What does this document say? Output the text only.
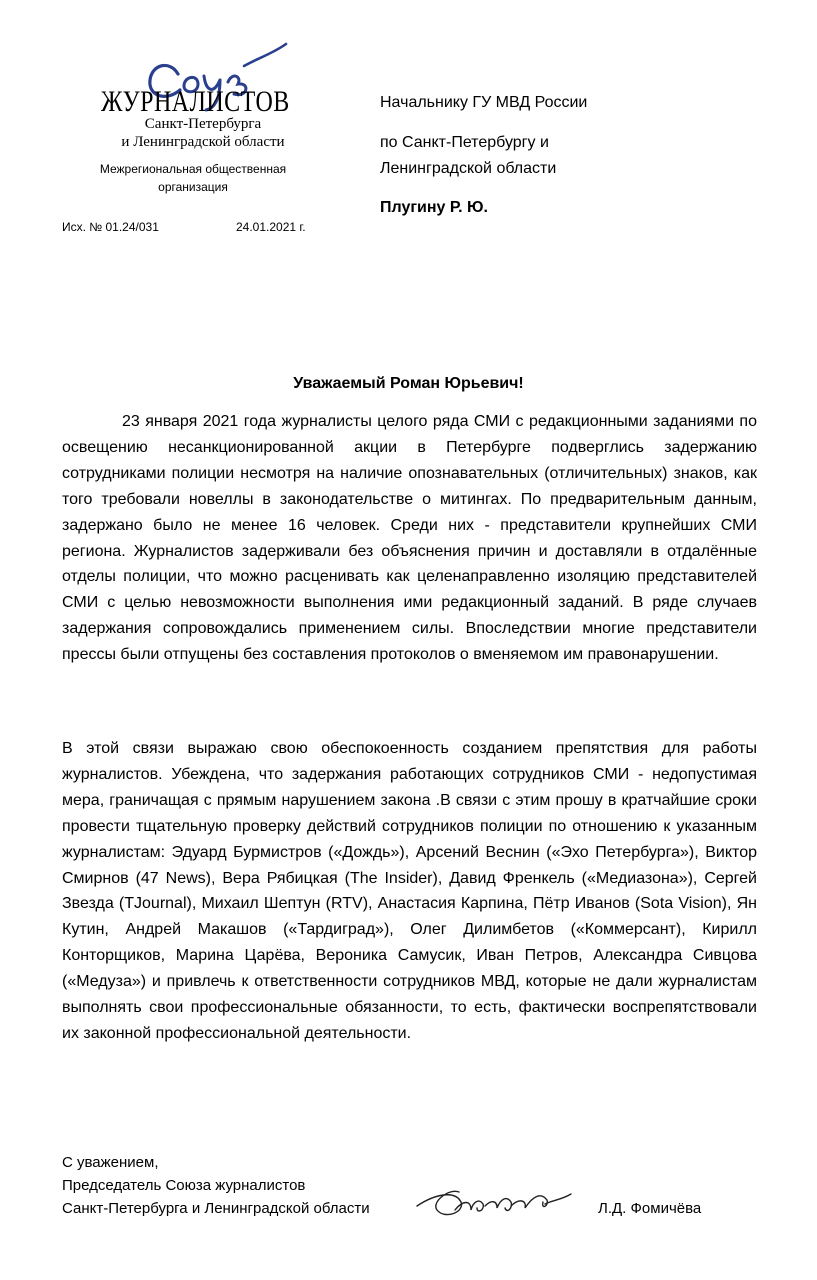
ЖУРНАЛИСТОВ
Санкт-Петербурга
и Ленинградской области
Межрегиональная общественная организация
Исх. № 01.24/031	24.01.2021 г.
Начальнику ГУ МВД России
по Санкт-Петербургу и
Ленинградской области
Плугину Р. Ю.
Уважаемый Роман Юрьевич!

23 января 2021 года журналисты целого ряда СМИ с редакционными заданиями по освещению несанкционированной акции в Петербурге подверглись задержанию сотрудниками полиции несмотря на наличие опознавательных (отличительных) знаков, как того требовали новеллы в законодательстве о митингах. По предварительным данным, задержано было не менее 16 человек. Среди них - представители крупнейших СМИ региона. Журналистов задерживали без объяснения причин и доставляли в отдалённые отделы полиции, что можно расценивать как целенаправленно изоляцию представителей СМИ с целью невозможности выполнения ими редакционный заданий. В ряде случаев задержания сопровождались применением силы. Впоследствии многие представители прессы были отпущены без составления протоколов о вменяемом им правонарушении.

В этой связи выражаю свою обеспокоенность созданием препятствия для работы журналистов. Убеждена, что задержания работающих сотрудников СМИ - недопустимая мера, граничащая с прямым нарушением закона .В связи с этим прошу в кратчайшие сроки провести тщательную проверку действий сотрудников полиции по отношению к указанным журналистам: Эдуард Бурмистров («Дождь»), Арсений Веснин («Эхо Петербурга»), Виктор Смирнов (47 News), Вера Рябицкая (The Insider), Давид Френкель («Медиазона»), Сергей Звезда (TJournal), Михаил Шептун (RTV), Анастасия Карпина, Пётр Иванов (Sota Vision), Ян Кутин, Андрей Макашов («Тардиград»), Олег Дилимбетов («Коммерсант), Кирилл Конторщиков, Марина Царёва, Вероника Самусик, Иван Петров, Александра Сивцова («Медуза») и привлечь к ответственности сотрудников МВД, которые не дали журналистам выполнять свои профессиональные обязанности, то есть, фактически воспрепятствовали их законной профессиональной деятельности.

С уважением,
Председатель Союза журналистов
Санкт-Петербурга и Ленинградской области	Л.Д. Фомичёва
